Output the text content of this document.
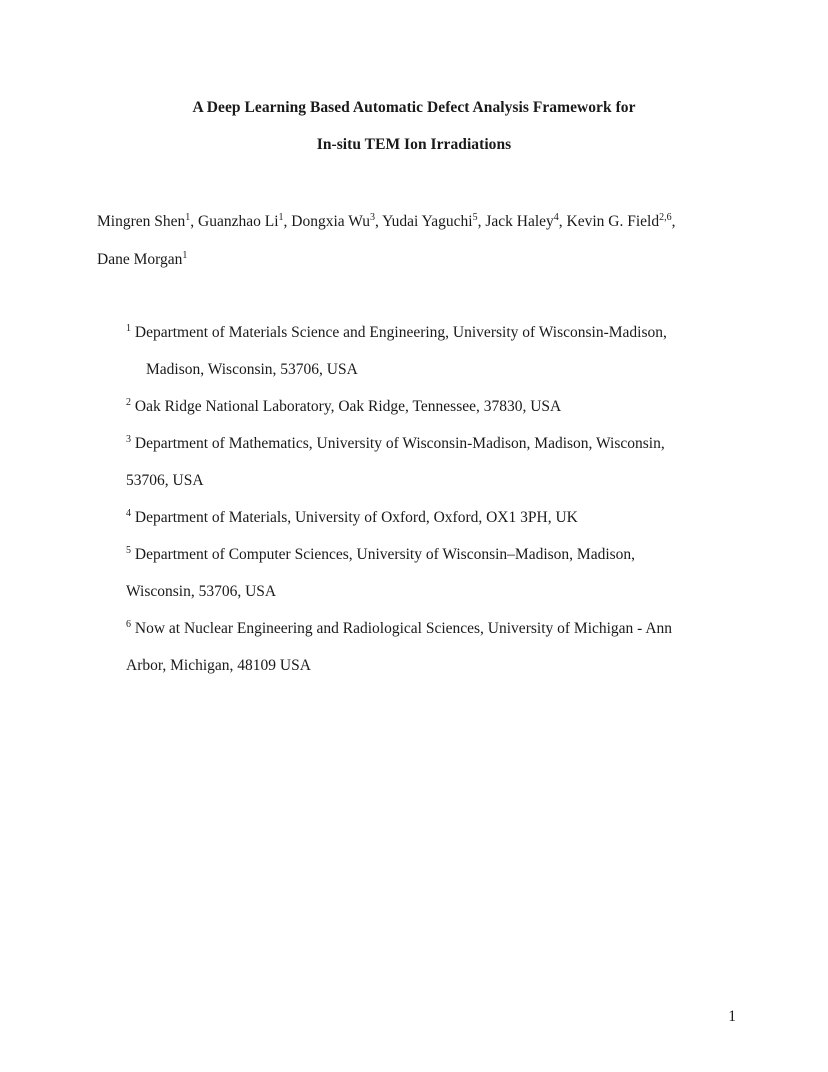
A Deep Learning Based Automatic Defect Analysis Framework for
In-situ TEM Ion Irradiations
Mingren Shen$^1$, Guanzhao Li$^1$, Dongxia Wu$^3$, Yudai Yaguchi$^5$, Jack Haley$^4$, Kevin G. Field$^{2,6}$,
Dane Morgan$^1$
$^1$ Department of Materials Science and Engineering, University of Wisconsin-Madison,
Madison, Wisconsin, 53706, USA
$^2$ Oak Ridge National Laboratory, Oak Ridge, Tennessee, 37830, USA
$^3$ Department of Mathematics, University of Wisconsin-Madison, Madison, Wisconsin,
53706, USA
$^4$ Department of Materials, University of Oxford, Oxford, OX1 3PH, UK
$^5$ Department of Computer Sciences, University of Wisconsin–Madison, Madison,
Wisconsin, 53706, USA
$^6$ Now at Nuclear Engineering and Radiological Sciences, University of Michigan - Ann
Arbor, Michigan, 48109 USA
1
